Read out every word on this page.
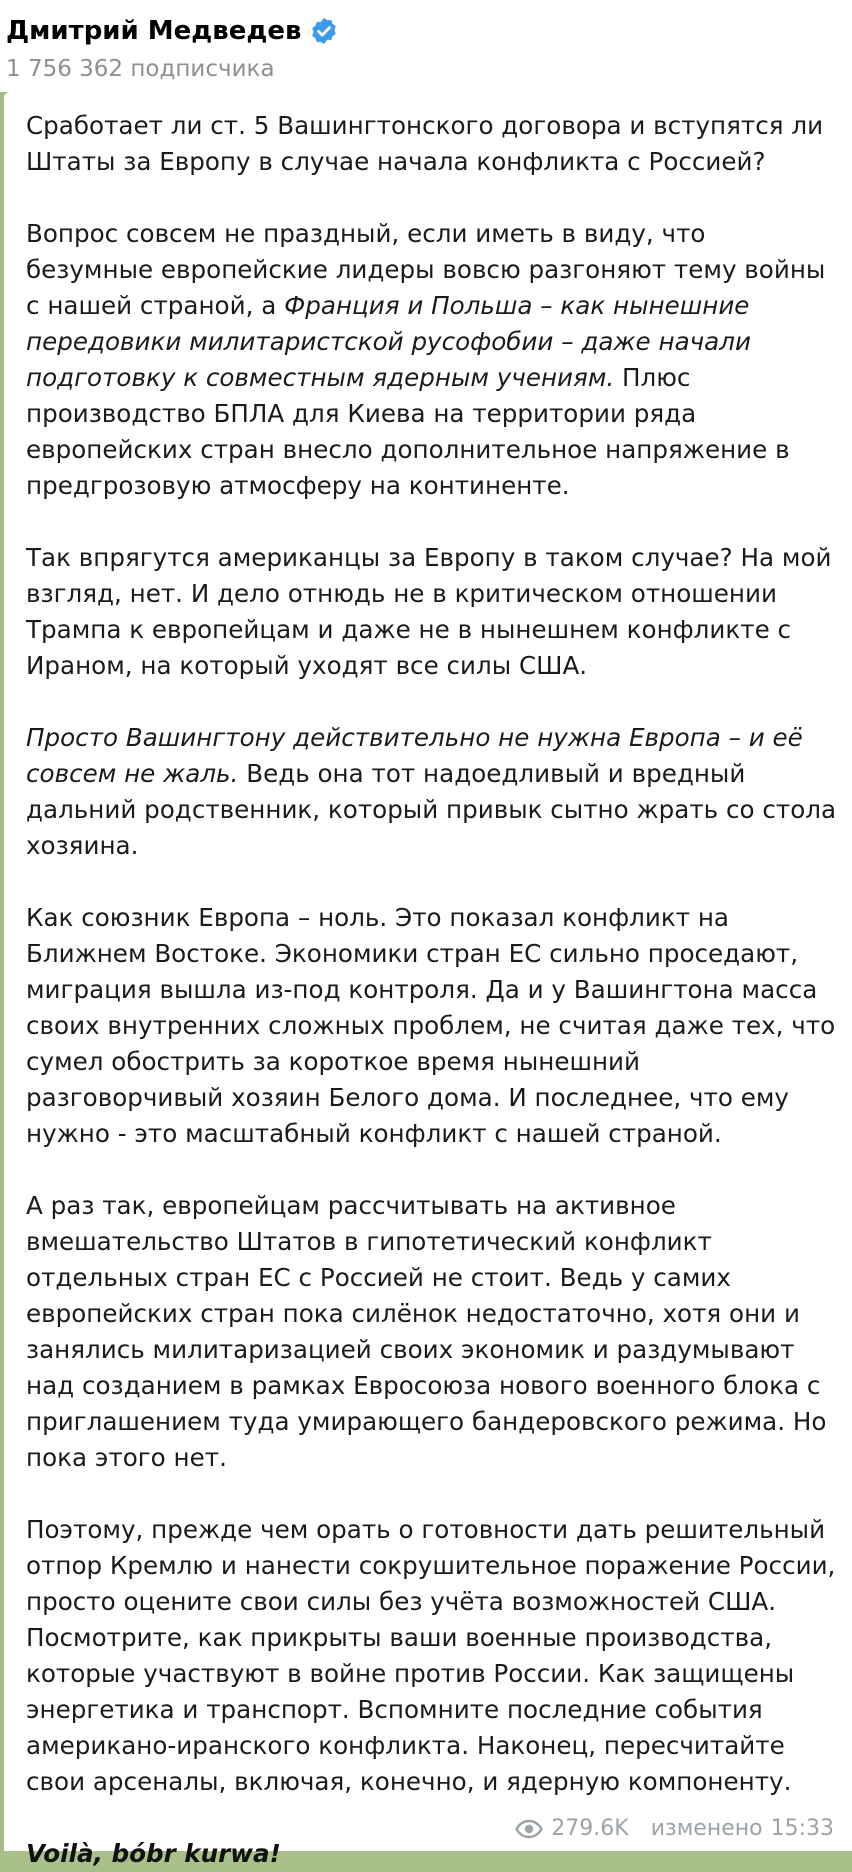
Дмитрий Медведев
1 756 362 подписчика

Сработает ли ст. 5 Вашингтонского договора и вступятся ли Штаты за Европу в случае начала конфликта с Россией?

Вопрос совсем не праздный, если иметь в виду, что безумные европейские лидеры вовсю разгоняют тему войны с нашей страной, а Франция и Польша – как нынешние передовики милитаристской русофобии – даже начали подготовку к совместным ядерным учениям. Плюс производство БПЛА для Киева на территории ряда европейских стран внесло дополнительное напряжение в предгрозовую атмосферу на континенте.

Так впрягутся американцы за Европу в таком случае? На мой взгляд, нет. И дело отнюдь не в критическом отношении Трампа к европейцам и даже не в нынешнем конфликте с Ираном, на который уходят все силы США.

Просто Вашингтону действительно не нужна Европа – и её совсем не жаль. Ведь она тот надоедливый и вредный дальний родственник, который привык сытно жрать со стола хозяина.

Как союзник Европа – ноль. Это показал конфликт на Ближнем Востоке. Экономики стран ЕС сильно проседают, миграция вышла из-под контроля. Да и у Вашингтона масса своих внутренних сложных проблем, не считая даже тех, что сумел обострить за короткое время нынешний разговорчивый хозяин Белого дома. И последнее, что ему нужно - это масштабный конфликт с нашей страной.

А раз так, европейцам рассчитывать на активное вмешательство Штатов в гипотетический конфликт отдельных стран ЕС с Россией не стоит. Ведь у самих европейских стран пока силёнок недостаточно, хотя они и занялись милитаризацией своих экономик и раздумывают над созданием в рамках Евросоюза нового военного блока с приглашением туда умирающего бандеровского режима. Но пока этого нет.

Поэтому, прежде чем орать о готовности дать решительный отпор Кремлю и нанести сокрушительное поражение России, просто оцените свои силы без учёта возможностей США. Посмотрите, как прикрыты ваши военные производства, которые участвуют в войне против России. Как защищены энергетика и транспорт. Вспомните последние события американо-иранского конфликта. Наконец, пересчитайте свои арсеналы, включая, конечно, и ядерную компоненту.

Voilà, bóbr kurwa!

279.6K изменено 15:33
